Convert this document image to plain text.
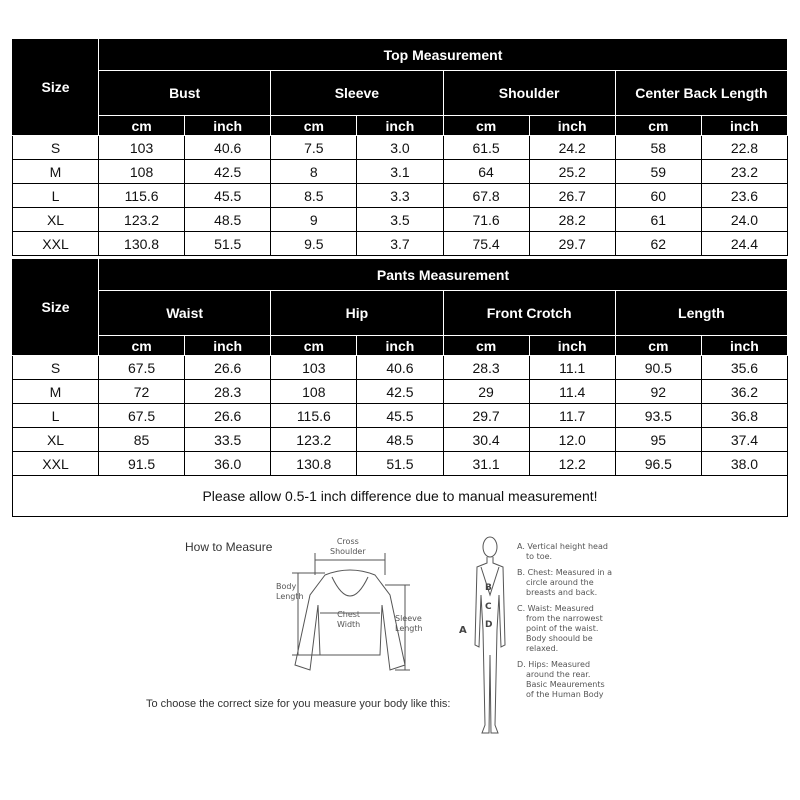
Size	Top Measurement							
	Bust		Sleeve		Shoulder		Center Back Length	
	cm	inch	cm	inch	cm	inch	cm	inch
S	103	40.6	7.5	3.0	61.5	24.2	58	22.8
M	108	42.5	8	3.1	64	25.2	59	23.2
L	115.6	45.5	8.5	3.3	67.8	26.7	60	23.6
XL	123.2	48.5	9	3.5	71.6	28.2	61	24.0
XXL	130.8	51.5	9.5	3.7	75.4	29.7	62	24.4
Size	Pants Measurement							
	Waist		Hip		Front Crotch		Length	
	cm	inch	cm	inch	cm	inch	cm	inch
S	67.5	26.6	103	40.6	28.3	11.1	90.5	35.6
M	72	28.3	108	42.5	29	11.4	92	36.2
L	67.5	26.6	115.6	45.5	29.7	11.7	93.5	36.8
XL	85	33.5	123.2	48.5	30.4	12.0	95	37.4
XXL	91.5	36.0	130.8	51.5	31.1	12.2	96.5	38.0
Please allow 0.5-1 inch difference due to manual measurement!								
How to Measure
To choose the correct size for you measure your body like this:
Cross
Shoulder
Body
Length
Chest
Width
Sleeve
Length
B
C
D
A
A. Vertical height head
to toe.
B. Chest: Measured in a
circle around the
breasts and back.
C. Waist: Measured
from the narrowest
point of the waist.
Body shoould be
relaxed.
D. Hips: Measured
around the rear.
Basic Meaurements
of the Human Body
